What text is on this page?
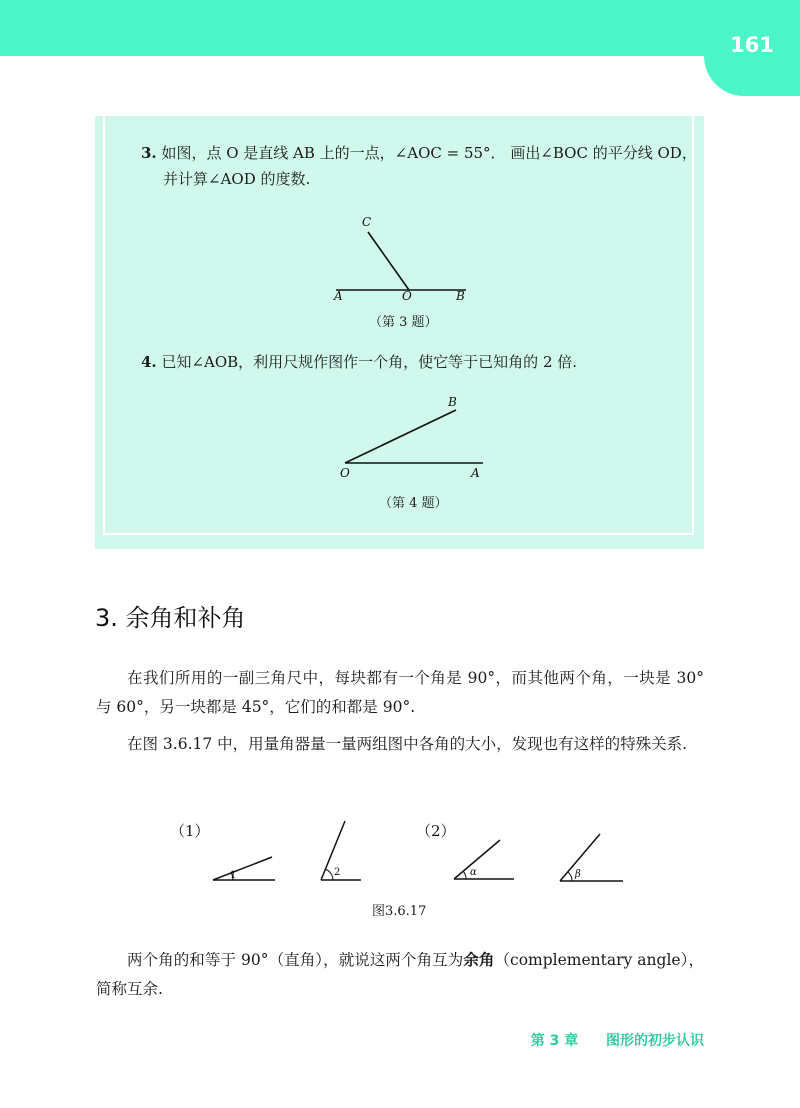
161
3. 如图，点 O 是直线 AB 上的一点，∠AOC = 55°． 画出∠BOC 的平分线 OD，
并计算∠AOD 的度数.
C
A	O	B
（第 3 题）
4. 已知∠AOB，利用尺规作图作一个角，使它等于已知角的 2 倍.
B
O	A
（第 4 题）
3. 余角和补角
在我们所用的一副三角尺中，每块都有一个角是 90°，而其他两个角，一块是 30° 与 60°，另一块都是 45°，它们的和都是 90°.
在图 3.6.17 中，用量角器量一量两组图中各角的大小，发现也有这样的特殊关系.
（1）	（2）
1	2	α	β
图3.6.17
两个角的和等于 90°（直角），就说这两个角互为余角（complementary angle），简称互余.
第 3 章 图形的初步认识
